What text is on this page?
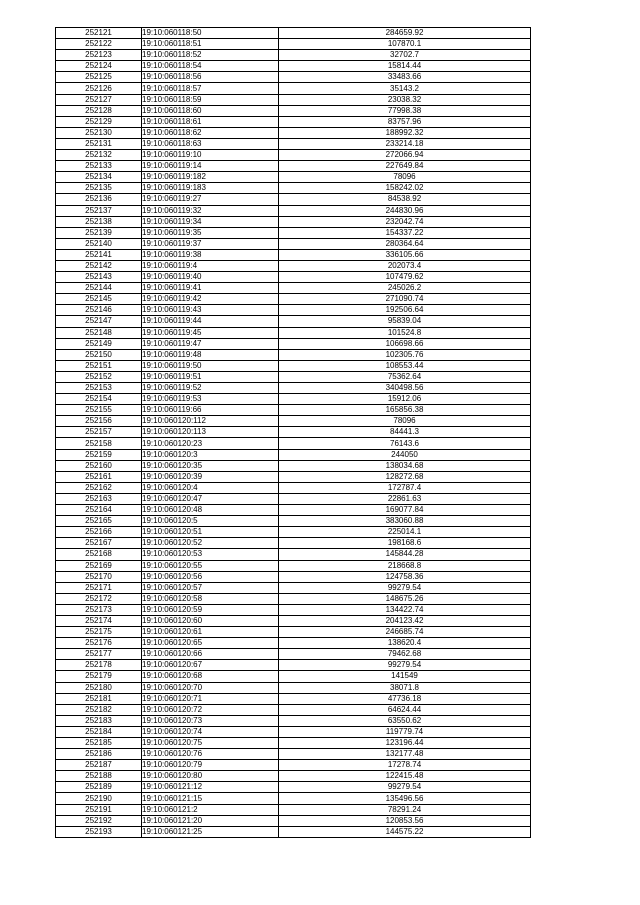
252121	19:10:060118:50	284659.92
252122	19:10:060118:51	107870.1
252123	19:10:060118:52	32702.7
252124	19:10:060118:54	15814.44
252125	19:10:060118:56	33483.66
252126	19:10:060118:57	35143.2
252127	19:10:060118:59	23038.32
252128	19:10:060118:60	77998.38
252129	19:10:060118:61	83757.96
252130	19:10:060118:62	188992.32
252131	19:10:060118:63	233214.18
252132	19:10:060119:10	272066.94
252133	19:10:060119:14	227649.84
252134	19:10:060119:182	78096
252135	19:10:060119:183	158242.02
252136	19:10:060119:27	84538.92
252137	19:10:060119:32	244830.96
252138	19:10:060119:34	232042.74
252139	19:10:060119:35	154337.22
252140	19:10:060119:37	280364.64
252141	19:10:060119:38	336105.66
252142	19:10:060119:4	202073.4
252143	19:10:060119:40	107479.62
252144	19:10:060119:41	245026.2
252145	19:10:060119:42	271090.74
252146	19:10:060119:43	192506.64
252147	19:10:060119:44	95839.04
252148	19:10:060119:45	101524.8
252149	19:10:060119:47	106698.66
252150	19:10:060119:48	102305.76
252151	19:10:060119:50	108553.44
252152	19:10:060119:51	75362.64
252153	19:10:060119:52	340498.56
252154	19:10:060119:53	15912.06
252155	19:10:060119:66	165856.38
252156	19:10:060120:112	78096
252157	19:10:060120:113	84441.3
252158	19:10:060120:23	76143.6
252159	19:10:060120:3	244050
252160	19:10:060120:35	138034.68
252161	19:10:060120:39	128272.68
252162	19:10:060120:4	172787.4
252163	19:10:060120:47	22861.63
252164	19:10:060120:48	169077.84
252165	19:10:060120:5	383060.88
252166	19:10:060120:51	225014.1
252167	19:10:060120:52	198168.6
252168	19:10:060120:53	145844.28
252169	19:10:060120:55	218668.8
252170	19:10:060120:56	124758.36
252171	19:10:060120:57	99279.54
252172	19:10:060120:58	148675.26
252173	19:10:060120:59	134422.74
252174	19:10:060120:60	204123.42
252175	19:10:060120:61	246685.74
252176	19:10:060120:65	138620.4
252177	19:10:060120:66	79462.68
252178	19:10:060120:67	99279.54
252179	19:10:060120:68	141549
252180	19:10:060120:70	38071.8
252181	19:10:060120:71	47736.18
252182	19:10:060120:72	64624.44
252183	19:10:060120:73	63550.62
252184	19:10:060120:74	119779.74
252185	19:10:060120:75	123196.44
252186	19:10:060120:76	132177.48
252187	19:10:060120:79	17278.74
252188	19:10:060120:80	122415.48
252189	19:10:060121:12	99279.54
252190	19:10:060121:15	135496.56
252191	19:10:060121:2	78291.24
252192	19:10:060121:20	120853.56
252193	19:10:060121:25	144575.22
